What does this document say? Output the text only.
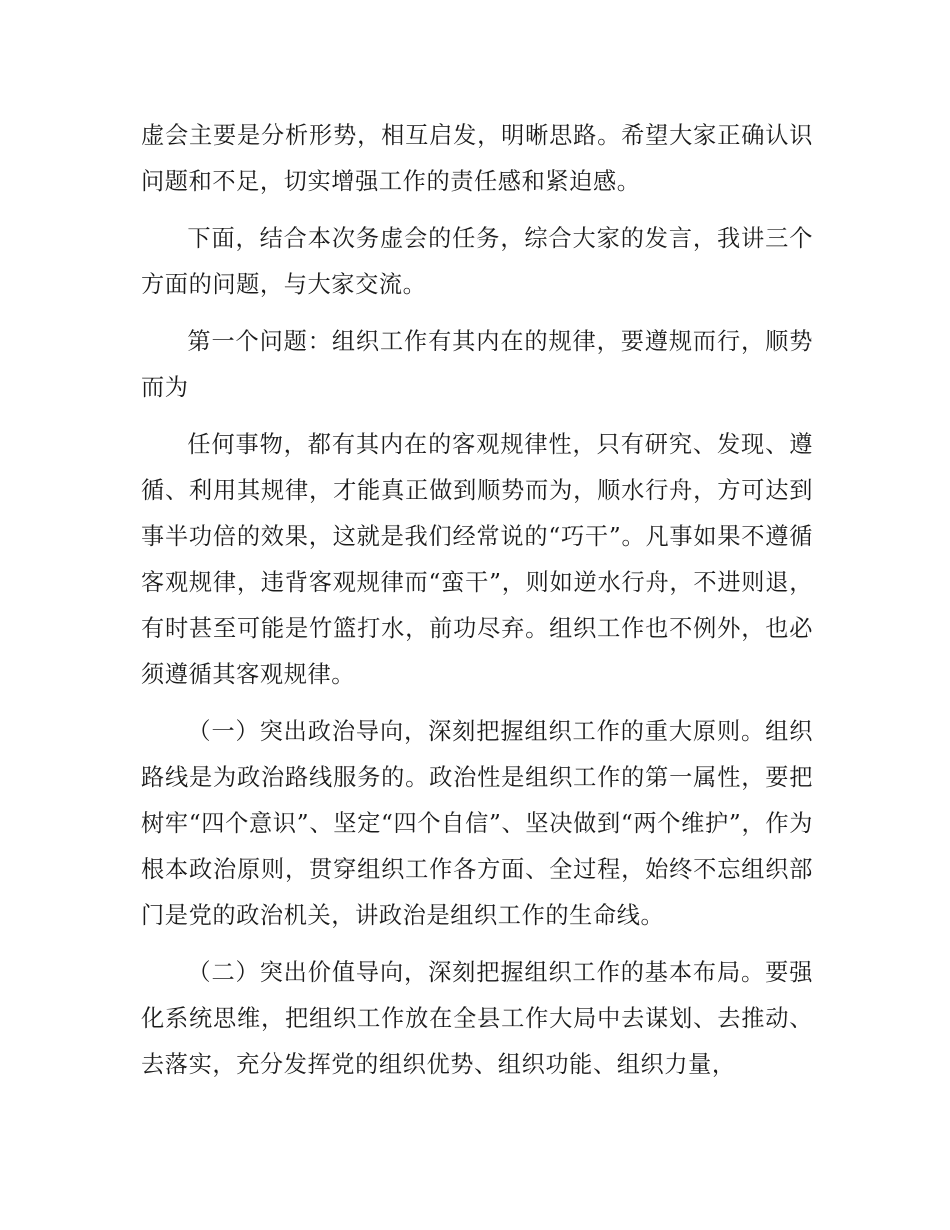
虚会主要是分析形势，相互启发，明晰思路。希望大家正确认识问题和不足，切实增强工作的责任感和紧迫感。

下面，结合本次务虚会的任务，综合大家的发言，我讲三个方面的问题，与大家交流。

第一个问题：组织工作有其内在的规律，要遵规而行，顺势而为

任何事物，都有其内在的客观规律性，只有研究、发现、遵循、利用其规律，才能真正做到顺势而为，顺水行舟，方可达到事半功倍的效果，这就是我们经常说的“巧干”。凡事如果不遵循客观规律，违背客观规律而“蛮干”，则如逆水行舟，不进则退，有时甚至可能是竹篮打水，前功尽弃。组织工作也不例外，也必须遵循其客观规律。

（一）突出政治导向，深刻把握组织工作的重大原则。组织路线是为政治路线服务的。政治性是组织工作的第一属性，要把树牢“四个意识”、坚定“四个自信”、坚决做到“两个维护”，作为根本政治原则，贯穿组织工作各方面、全过程，始终不忘组织部门是党的政治机关，讲政治是组织工作的生命线。

（二）突出价值导向，深刻把握组织工作的基本布局。要强化系统思维，把组织工作放在全县工作大局中去谋划、去推动、去落实，充分发挥党的组织优势、组织功能、组织力量，
